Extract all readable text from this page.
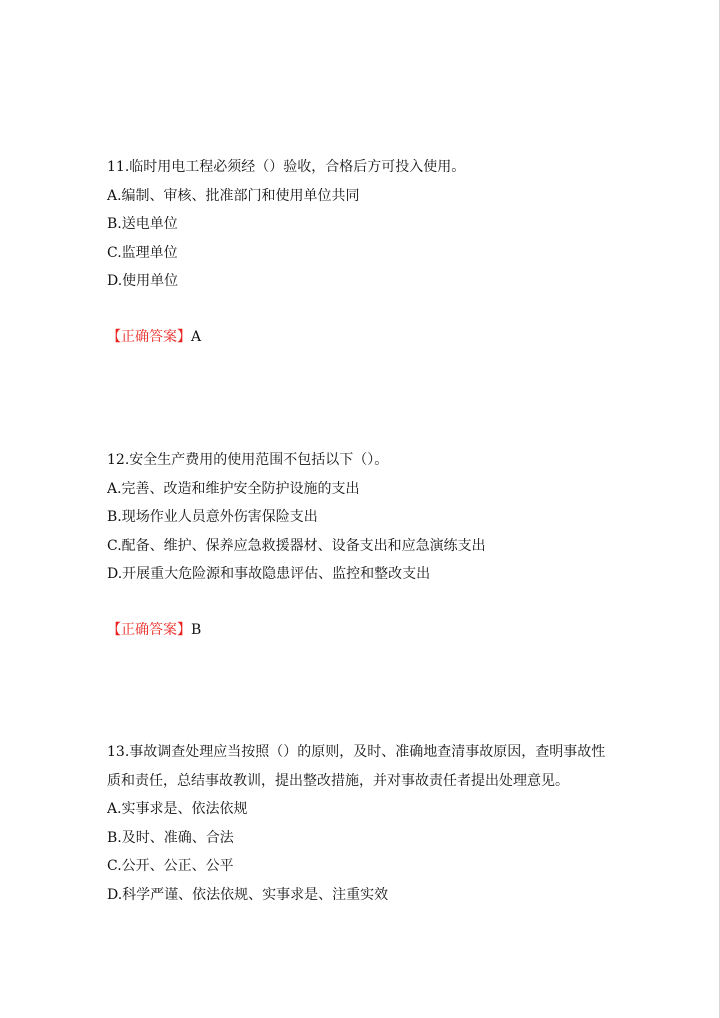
11.临时用电工程必须经（）验收，合格后方可投入使用。

A.编制、审核、批准部门和使用单位共同

B.送电单位

C.监理单位

D.使用单位

【正确答案】A

12.安全生产费用的使用范围不包括以下（）。

A.完善、改造和维护安全防护设施的支出

B.现场作业人员意外伤害保险支出

C.配备、维护、保养应急救援器材、设备支出和应急演练支出

D.开展重大危险源和事故隐患评估、监控和整改支出

【正确答案】B

13.事故调查处理应当按照（）的原则，及时、准确地查清事故原因，查明事故性质和责任，总结事故教训，提出整改措施，并对事故责任者提出处理意见。

A.实事求是、依法依规

B.及时、准确、合法

C.公开、公正、公平

D.科学严谨、依法依规、实事求是、注重实效
